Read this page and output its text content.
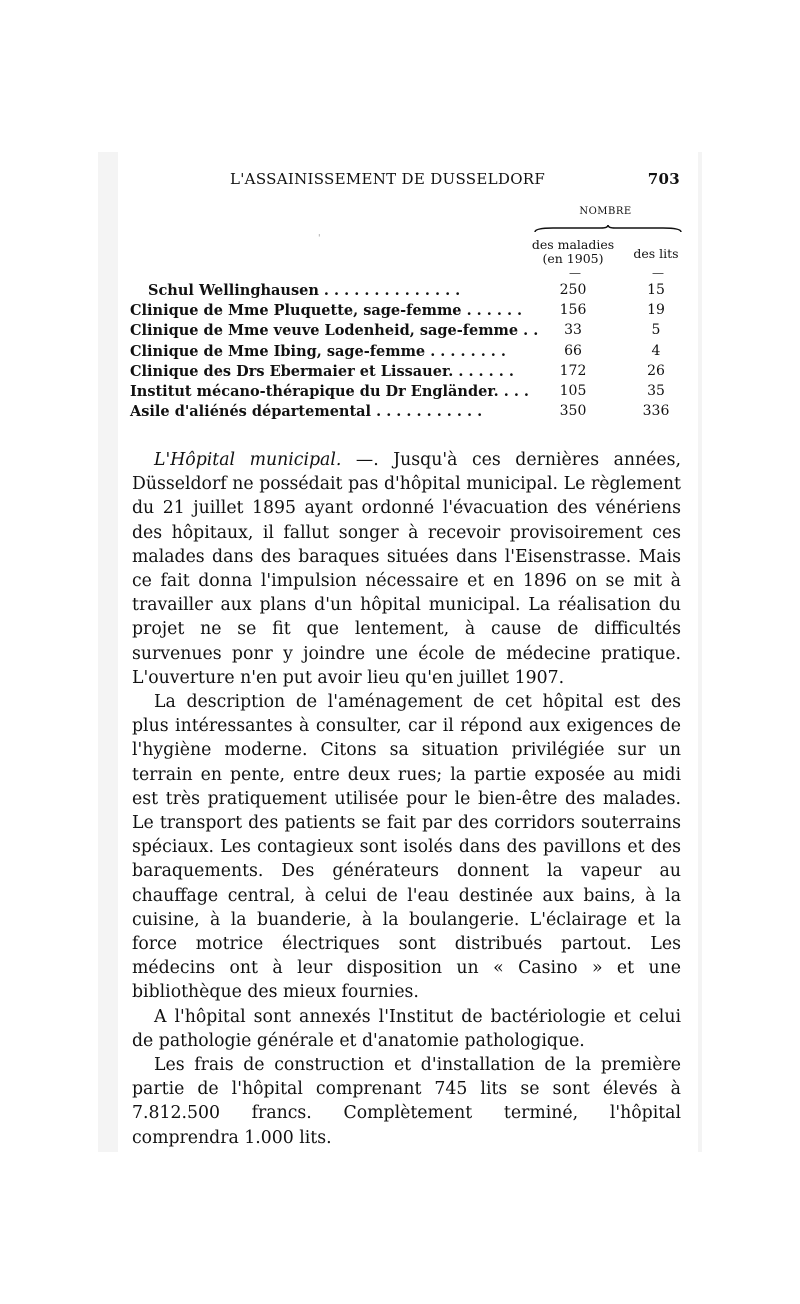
L'ASSAINISSEMENT DE DUSSELDORF	703
NOMBRE
'	des maladies
(en 1905)	des lits
—	—
Schul Wellinghausen . . . . . . . . . . . . . .	250	15
Clinique de Mme Pluquette, sage-femme . . . . . .	156	19
Clinique de Mme veuve Lodenheid, sage-femme . .	33	5
Clinique de Mme Ibing, sage-femme . . . . . . . .	66	4
Clinique des Drs Ebermaier et Lissauer. . . . . . .	172	26
Institut mécano-thérapique du Dr Engländer. . . .	105	35
Asile d'aliénés départemental . . . . . . . . . . .	350	336

L'Hôpital municipal. —. Jusqu'à ces dernières années, Düsseldorf ne possédait pas d'hôpital municipal. Le règlement du 21 juillet 1895 ayant ordonné l'évacuation des vénériens des hôpitaux, il fallut songer à recevoir provisoirement ces malades dans des baraques situées dans l'Eisenstrasse. Mais ce fait donna l'impulsion nécessaire et en 1896 on se mit à travailler aux plans d'un hôpital municipal. La réalisation du projet ne se fit que lentement, à cause de difficultés survenues ponr y joindre une école de médecine pratique. L'ouverture n'en put avoir lieu qu'en juillet 1907.

La description de l'aménagement de cet hôpital est des plus intéressantes à consulter, car il répond aux exigences de l'hygiène moderne. Citons sa situation privilégiée sur un terrain en pente, entre deux rues; la partie exposée au midi est très pratiquement utilisée pour le bien-être des malades. Le transport des patients se fait par des corridors souterrains spéciaux. Les contagieux sont isolés dans des pavillons et des baraquements. Des générateurs donnent la vapeur au chauffage central, à celui de l'eau destinée aux bains, à la cuisine, à la buanderie, à la boulangerie. L'éclairage et la force motrice électriques sont distribués partout. Les médecins ont à leur disposition un « Casino » et une bibliothèque des mieux fournies.

A l'hôpital sont annexés l'Institut de bactériologie et celui de pathologie générale et d'anatomie pathologique.

Les frais de construction et d'installation de la première partie de l'hôpital comprenant 745 lits se sont élevés à 7.812.500 francs. Complètement terminé, l'hôpital comprendra 1.000 lits.
